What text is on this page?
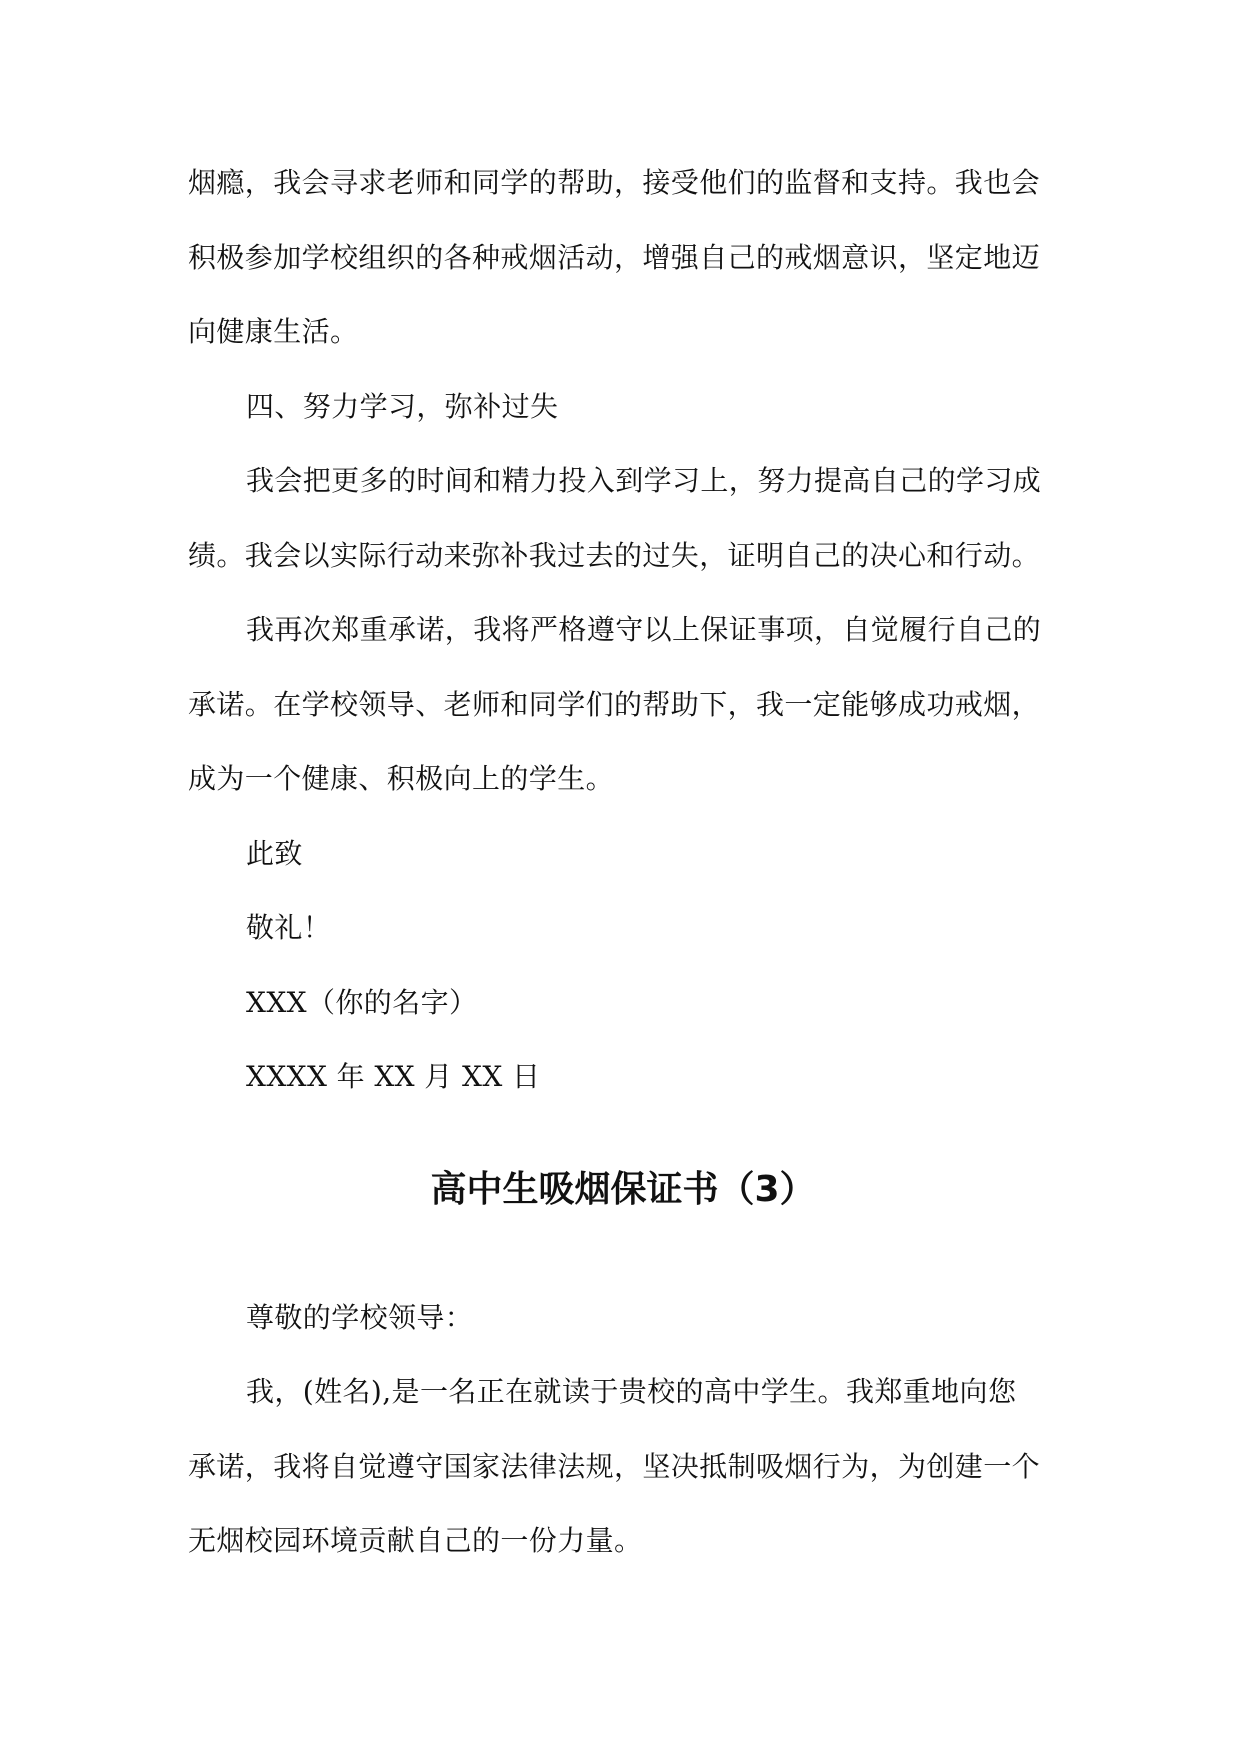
烟瘾，我会寻求老师和同学的帮助，接受他们的监督和支持。我也会
积极参加学校组织的各种戒烟活动，增强自己的戒烟意识，坚定地迈
向健康生活。
四、努力学习，弥补过失
我会把更多的时间和精力投入到学习上，努力提高自己的学习成
绩。我会以实际行动来弥补我过去的过失，证明自己的决心和行动。
我再次郑重承诺，我将严格遵守以上保证事项，自觉履行自己的
承诺。在学校领导、老师和同学们的帮助下，我一定能够成功戒烟，
成为一个健康、积极向上的学生。
此致
敬礼！
XXX（你的名字）
XXXX 年 XX 月 XX 日
高中生吸烟保证书（3）
尊敬的学校领导：
我，(姓名),是一名正在就读于贵校的高中学生。我郑重地向您
承诺，我将自觉遵守国家法律法规，坚决抵制吸烟行为，为创建一个
无烟校园环境贡献自己的一份力量。
